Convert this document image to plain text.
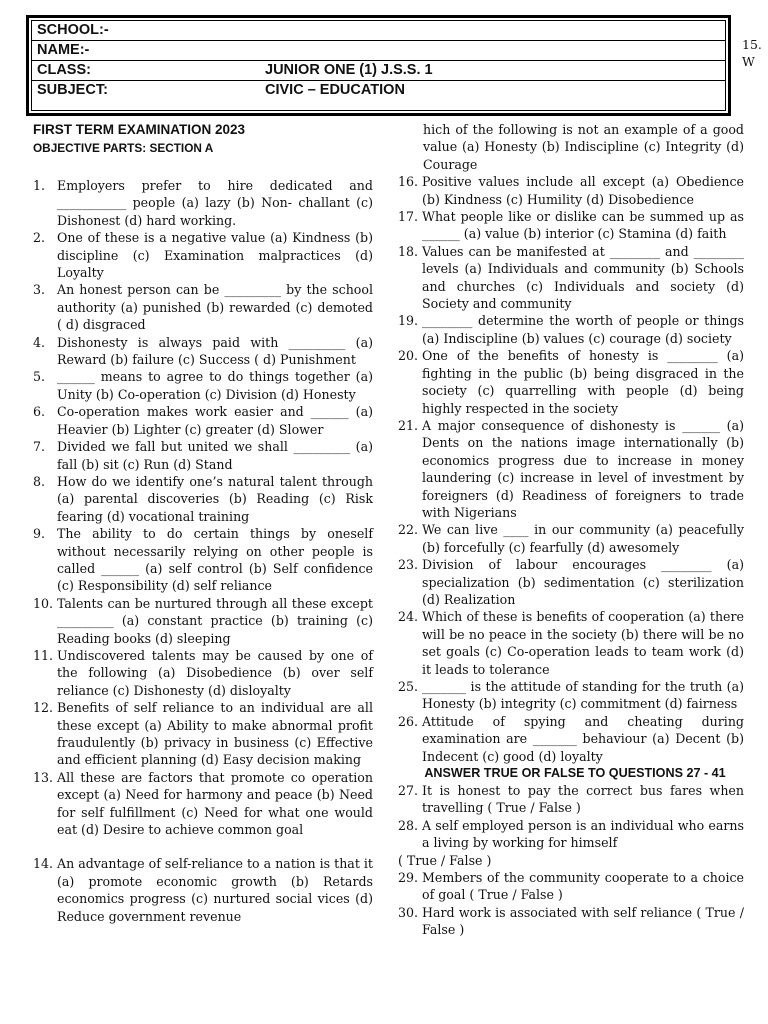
SCHOOL:-
NAME:-
CLASS:	JUNIOR ONE (1) J.S.S. 1
SUBJECT:	CIVIC – EDUCATION
15.
W
FIRST TERM EXAMINATION 2023
OBJECTIVE PARTS: SECTION A
1. Employers prefer to hire dedicated and ___________ people (a) lazy (b) Non- challant (c) Dishonest (d) hard working.
2. One of these is a negative value (a) Kindness (b) discipline (c) Examination malpractices (d) Loyalty
3. An honest person can be _________ by the school authority (a) punished (b) rewarded (c) demoted ( d) disgraced
4. Dishonesty is always paid with _________ (a) Reward (b) failure (c) Success ( d) Punishment
5. ______ means to agree to do things together (a) Unity (b) Co-operation (c) Division (d) Honesty
6. Co-operation makes work easier and ______ (a) Heavier (b) Lighter (c) greater (d) Slower
7. Divided we fall but united we shall _________ (a) fall (b) sit (c) Run (d) Stand
8. How do we identify one’s natural talent through (a) parental discoveries (b) Reading (c) Risk fearing (d) vocational training
9. The ability to do certain things by oneself without necessarily relying on other people is called ______ (a) self control (b) Self confidence (c) Responsibility (d) self reliance
10. Talents can be nurtured through all these except _________ (a) constant practice (b) training (c) Reading books (d) sleeping
11. Undiscovered talents may be caused by one of the following (a) Disobedience (b) over self reliance (c) Dishonesty (d) disloyalty
12. Benefits of self reliance to an individual are all these except (a) Ability to make abnormal profit fraudulently (b) privacy in business (c) Effective and efficient planning (d) Easy decision making
13. All these are factors that promote co operation except (a) Need for harmony and peace (b) Need for self fulfillment (c) Need for what one would eat (d) Desire to achieve common goal
14. An advantage of self-reliance to a nation is that it (a) promote economic growth (b) Retards economics progress (c) nurtured social vices (d) Reduce government revenue
hich of the following is not an example of a good value (a) Honesty (b) Indiscipline (c) Integrity (d) Courage
16. Positive values include all except (a) Obedience (b) Kindness (c) Humility (d) Disobedience
17. What people like or dislike can be summed up as ______ (a) value (b) interior (c) Stamina (d) faith
18. Values can be manifested at ________ and ________ levels (a) Individuals and community (b) Schools and churches (c) Individuals and society (d) Society and community
19. ________ determine the worth of people or things (a) Indiscipline (b) values (c) courage (d) society
20. One of the benefits of honesty is ________ (a) fighting in the public (b) being disgraced in the society (c) quarrelling with people (d) being highly respected in the society
21. A major consequence of dishonesty is ______ (a) Dents on the nations image internationally (b) economics progress due to increase in money laundering (c) increase in level of investment by foreigners (d) Readiness of foreigners to trade with Nigerians
22. We can live ____ in our community (a) peacefully (b) forcefully (c) fearfully (d) awesomely
23. Division of labour encourages ________ (a) specialization (b) sedimentation (c) sterilization (d) Realization
24. Which of these is benefits of cooperation (a) there will be no peace in the society (b) there will be no set goals (c) Co-operation leads to team work (d) it leads to tolerance
25. _______ is the attitude of standing for the truth (a) Honesty (b) integrity (c) commitment (d) fairness
26. Attitude of spying and cheating during examination are _______ behaviour (a) Decent (b) Indecent (c) good (d) loyalty
ANSWER TRUE OR FALSE TO QUESTIONS 27 - 41
27. It is honest to pay the correct bus fares when travelling ( True / False )
28. A self employed person is an individual who earns a living by working for himself
( True / False )
29. Members of the community cooperate to a choice of goal ( True / False )
30. Hard work is associated with self reliance ( True / False )
